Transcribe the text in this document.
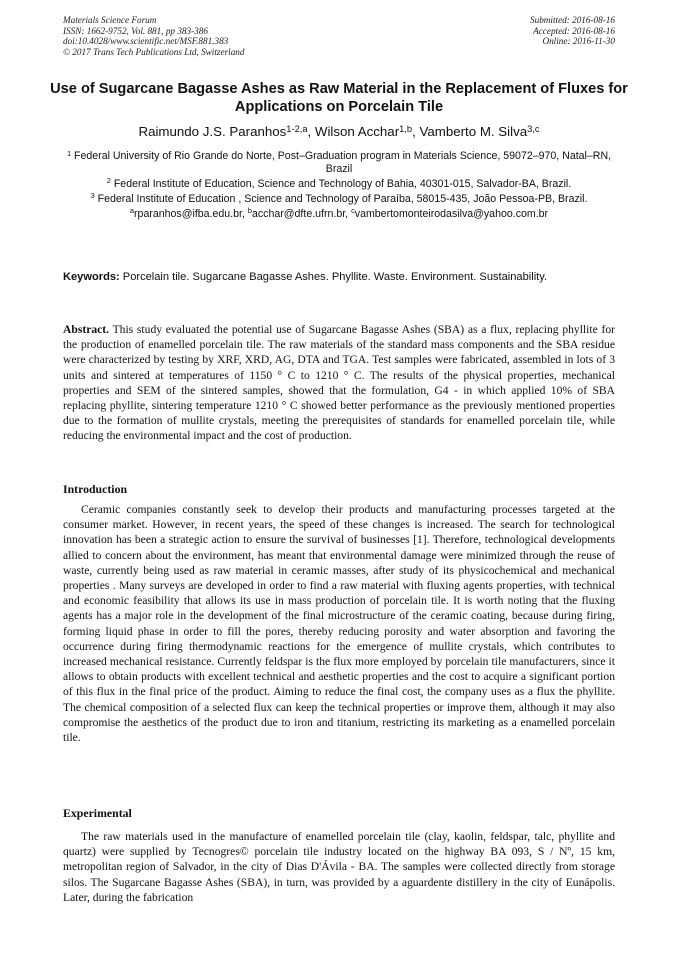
Materials Science Forum
ISSN: 1662-9752, Vol. 881, pp 383-386
doi:10.4028/www.scientific.net/MSF.881.383
© 2017 Trans Tech Publications Ltd, Switzerland
Submitted: 2016-08-16
Accepted: 2016-08-16
Online: 2016-11-30
Use of Sugarcane Bagasse Ashes as Raw Material in the Replacement of Fluxes for Applications on Porcelain Tile
Raimundo J.S. Paranhos$^{1-2,a}$, Wilson Acchar$^{1,b}$, Vamberto M. Silva$^{3,c}$

$^1$ Federal University of Rio Grande do Norte, Post–Graduation program in Materials Science, 59072–970, Natal–RN, Brazil

$^2$ Federal Institute of Education, Science and Technology of Bahia, 40301-015, Salvador-BA, Brazil.

$^3$ Federal Institute of Education , Science and Technology of Paraíba, 58015-435, João Pessoa-PB, Brazil.

$^a$rparanhos@ifba.edu.br, $^b$acchar@dfte.ufrn.br, $^c$vambertomonteirodasilva@yahoo.com.br

Keywords: Porcelain tile. Sugarcane Bagasse Ashes. Phyllite. Waste. Environment. Sustainability.
Abstract. This study evaluated the potential use of Sugarcane Bagasse Ashes (SBA) as a flux, replacing phyllite for the production of enamelled porcelain tile. The raw materials of the standard mass components and the SBA residue were characterized by testing by XRF, XRD, AG, DTA and TGA. Test samples were fabricated, assembled in lots of 3 units and sintered at temperatures of 1150 ° C to 1210 ° C. The results of the physical properties, mechanical properties and SEM of the sintered samples, showed that the formulation, G4 - in which applied 10% of SBA replacing phyllite, sintering temperature 1210 ° C showed better performance as the previously mentioned properties due to the formation of mullite crystals, meeting the prerequisites of standards for enamelled porcelain tile, while reducing the environmental impact and the cost of production.
Introduction

Ceramic companies constantly seek to develop their products and manufacturing processes targeted at the consumer market. However, in recent years, the speed of these changes is increased. The search for technological innovation has been a strategic action to ensure the survival of businesses [1]. Therefore, technological developments allied to concern about the environment, has meant that environmental damage were minimized through the reuse of waste, currently being used as raw material in ceramic masses, after study of its physicochemical and mechanical properties . Many surveys are developed in order to find a raw material with fluxing agents properties, with technical and economic feasibility that allows its use in mass production of porcelain tile. It is worth noting that the fluxing agents has a major role in the development of the final microstructure of the ceramic coating, because during firing, forming liquid phase in order to fill the pores, thereby reducing porosity and water absorption and favoring the occurrence during firing thermodynamic reactions for the emergence of mullite crystals, which contributes to increased mechanical resistance. Currently feldspar is the flux more employed by porcelain tile manufacturers, since it allows to obtain products with excellent technical and aesthetic properties and the cost to acquire a significant portion of this flux in the final price of the product. Aiming to reduce the final cost, the company uses as a flux the phyllite. The chemical composition of a selected flux can keep the technical properties or improve them, although it may also compromise the aesthetics of the product due to iron and titanium, restricting its marketing as a enamelled porcelain tile.

Experimental

The raw materials used in the manufacture of enamelled porcelain tile (clay, kaolin, feldspar, talc, phyllite and quartz) were supplied by Tecnogres© porcelain tile industry located on the highway BA 093, S / Nº, 15 km, metropolitan region of Salvador, in the city of Dias D'Ávila - BA. The samples were collected directly from storage silos. The Sugarcane Bagasse Ashes (SBA), in turn, was provided by a aguardente distillery in the city of Eunápolis. Later, during the fabrication
